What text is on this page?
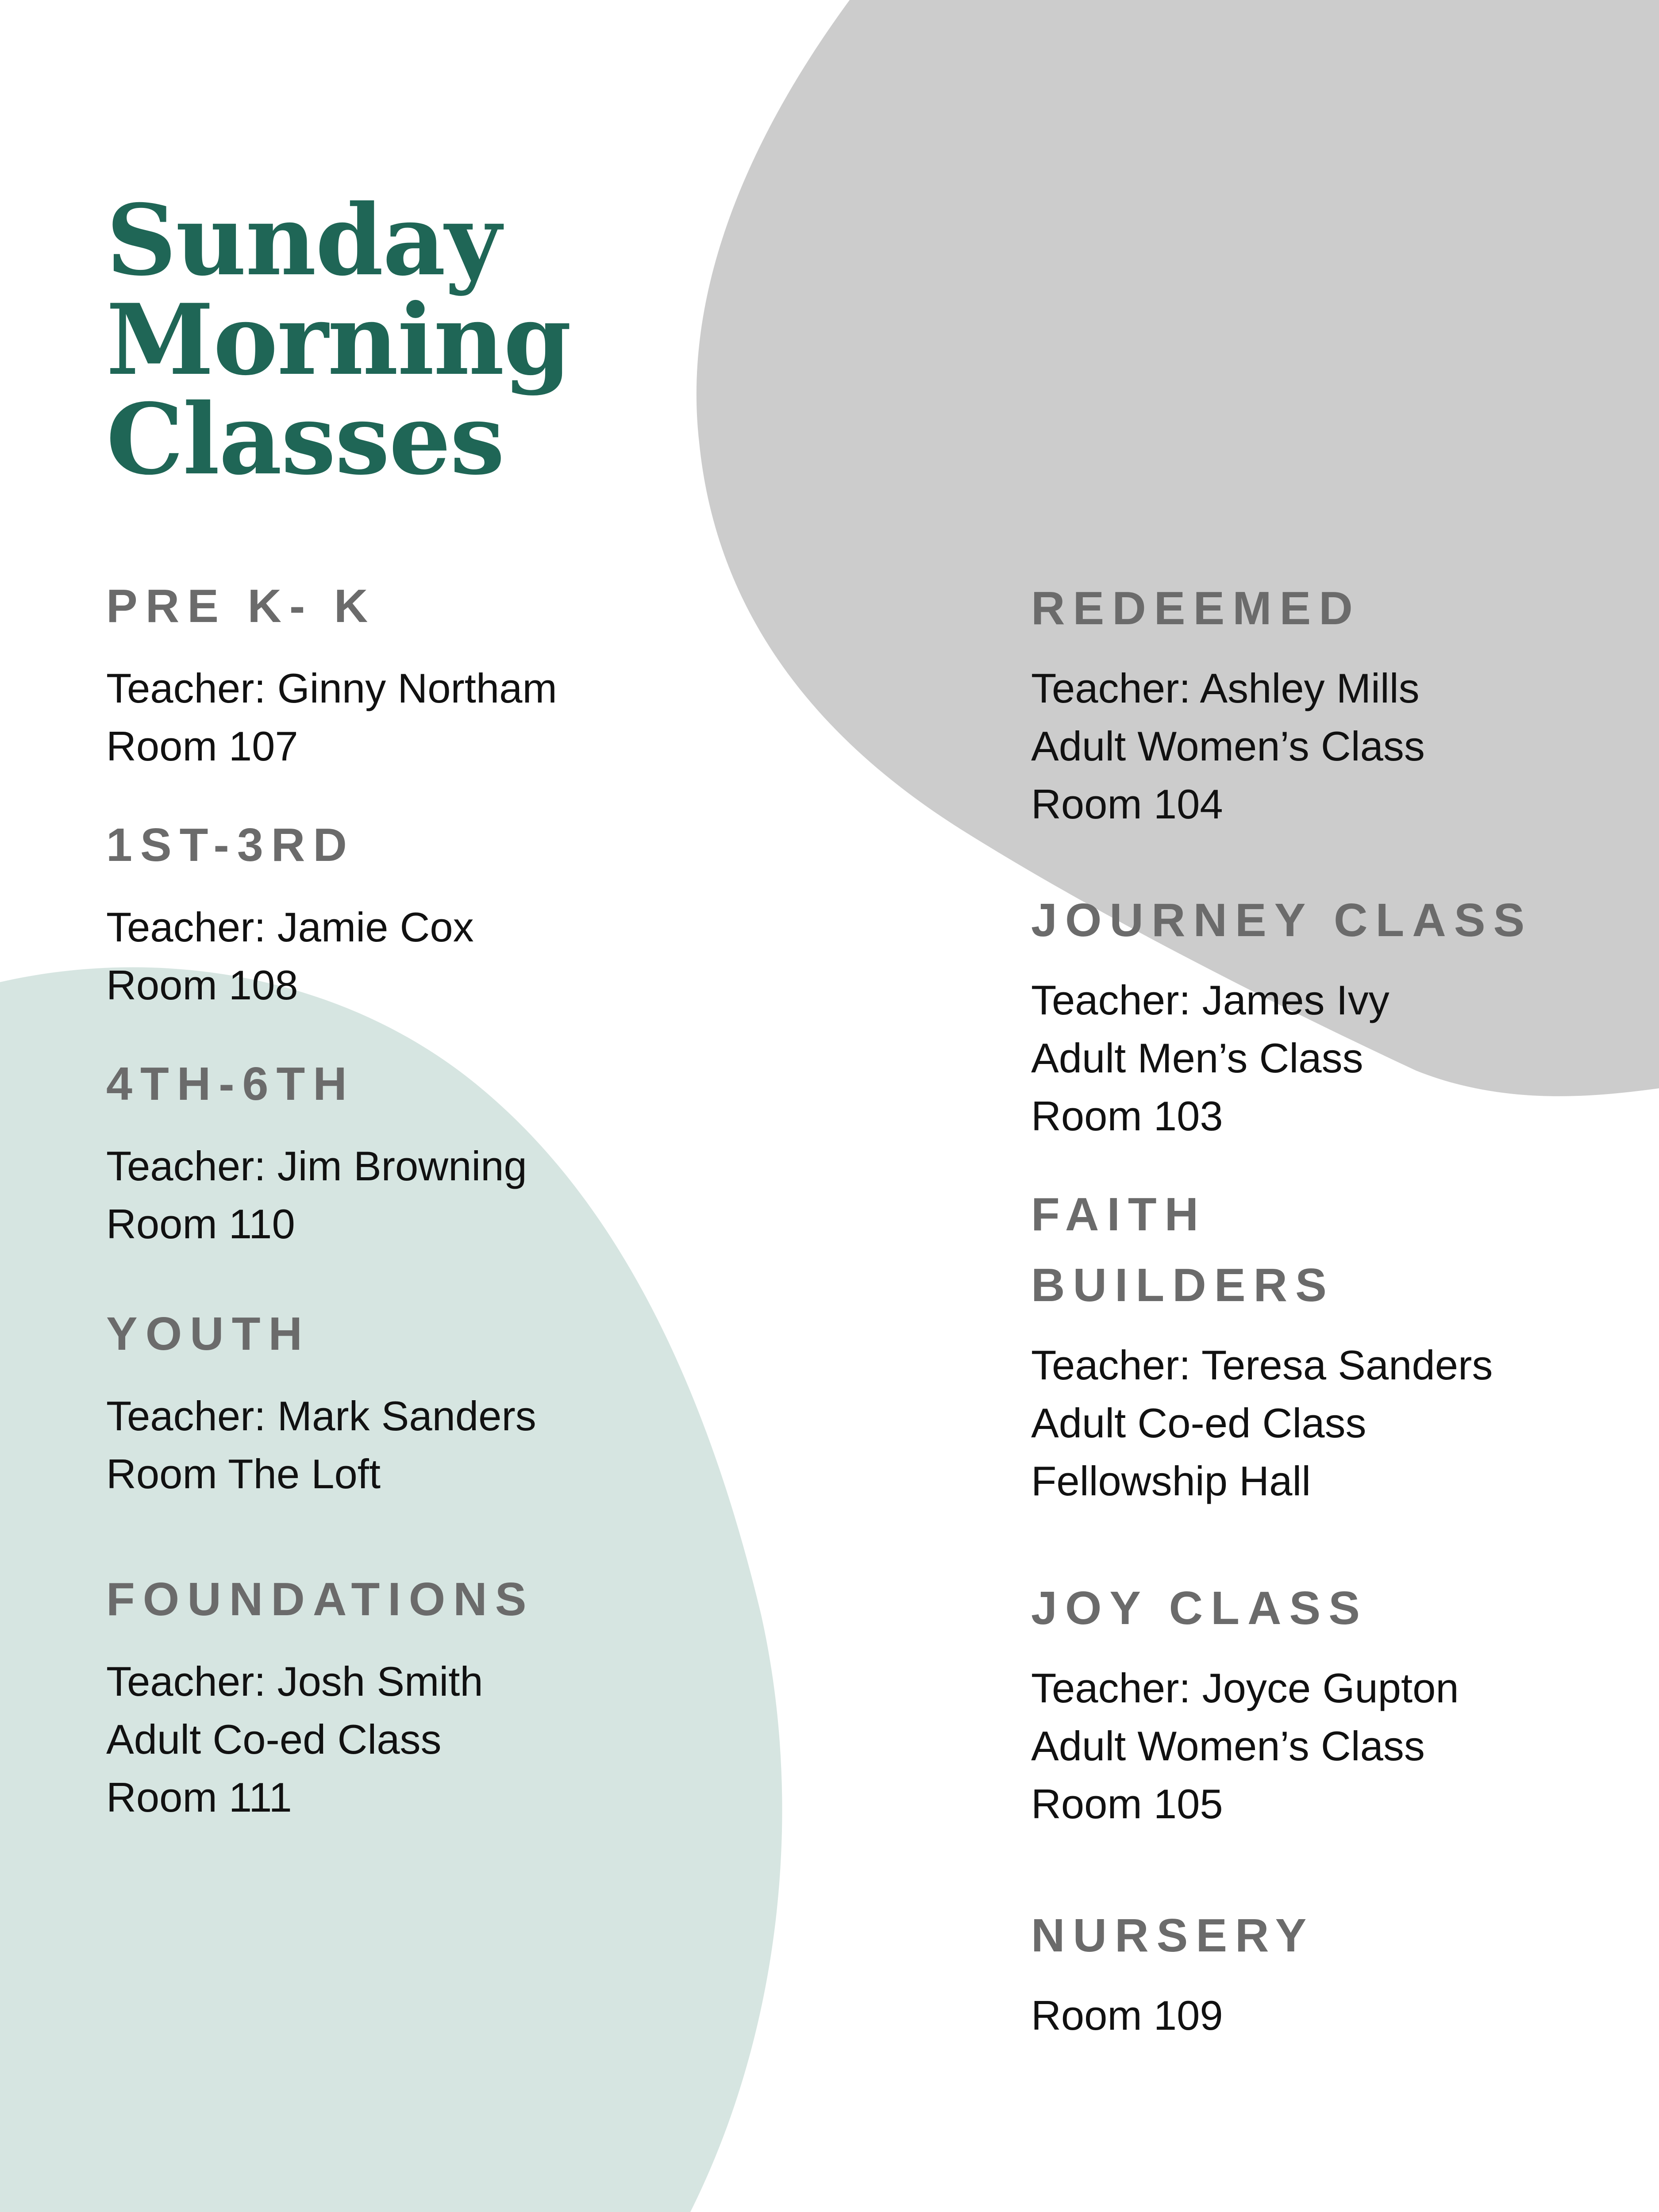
Sunday
Morning
Classes
PRE K- K
Teacher: Ginny Northam
Room 107
1ST-3RD
Teacher: Jamie Cox
Room 108
4TH-6TH
Teacher: Jim Browning
Room 110
YOUTH
Teacher: Mark Sanders
Room The Loft
FOUNDATIONS
Teacher: Josh Smith
Adult Co-ed Class
Room 111
REDEEMED
Teacher: Ashley Mills
Adult Women’s Class
Room 104
JOURNEY CLASS
Teacher: James Ivy
Adult Men’s Class
Room 103
FAITH BUILDERS
Teacher: Teresa Sanders
Adult Co-ed Class
Fellowship Hall
JOY CLASS
Teacher: Joyce Gupton
Adult Women’s Class
Room 105
NURSERY
Room 109
